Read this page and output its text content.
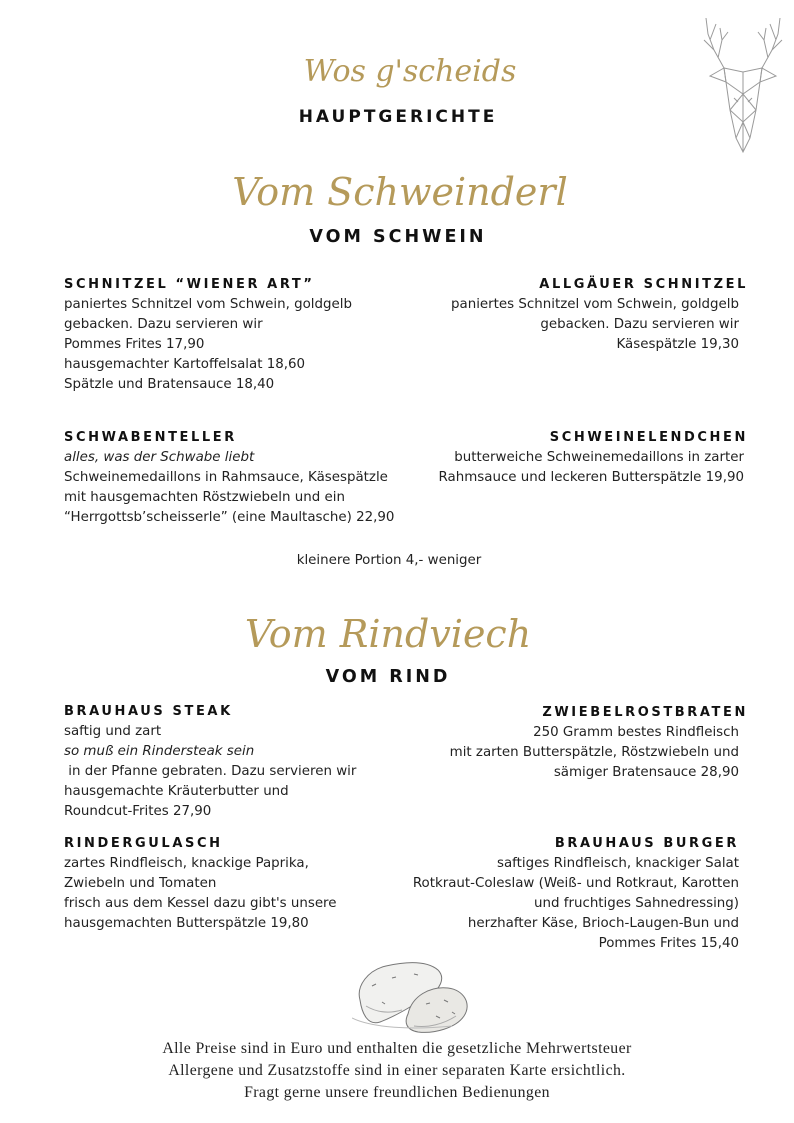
Wos g'scheids
HAUPTGERICHTE
Vom Schweinderl
VOM SCHWEIN
SCHNITZEL “WIENER ART”
paniertes Schnitzel vom Schwein, goldgelb
gebacken. Dazu servieren wir
Pommes Frites 17,90
hausgemachter Kartoffelsalat 18,60
Spätzle und Bratensauce 18,40
ALLGÄUER SCHNITZEL
paniertes Schnitzel vom Schwein, goldgelb
gebacken. Dazu servieren wir
Käsespätzle 19,30
SCHWABENTELLER
alles, was der Schwabe liebt
Schweinemedaillons in Rahmsauce, Käsespätzle
mit hausgemachten Röstzwiebeln und ein
“Herrgottsb’scheisserle” (eine Maultasche) 22,90
SCHWEINELENDCHEN
butterweiche Schweinemedaillons in zarter
Rahmsauce und leckeren Butterspätzle 19,90
kleinere Portion 4,- weniger
Vom Rindviech
VOM RIND
BRAUHAUS STEAK
saftig und zart
so muß ein Rindersteak sein
in der Pfanne gebraten. Dazu servieren wir
hausgemachte Kräuterbutter und
Roundcut-Frites 27,90
ZWIEBELROSTBRATEN
250 Gramm bestes Rindfleisch
mit zarten Butterspätzle, Röstzwiebeln und
sämiger Bratensauce 28,90
RINDERGULASCH
zartes Rindfleisch, knackige Paprika,
Zwiebeln und Tomaten
frisch aus dem Kessel dazu gibt's unsere
hausgemachten Butterspätzle 19,80
BRAUHAUS BURGER
saftiges Rindfleisch, knackiger Salat
Rotkraut-Coleslaw (Weiß- und Rotkraut, Karotten
und fruchtiges Sahnedressing)
herzhafter Käse, Brioch-Laugen-Bun und
Pommes Frites 15,40
Alle Preise sind in Euro und enthalten die gesetzliche Mehrwertsteuer
Allergene und Zusatzstoffe sind in einer separaten Karte ersichtlich.
Fragt gerne unsere freundlichen Bedienungen
